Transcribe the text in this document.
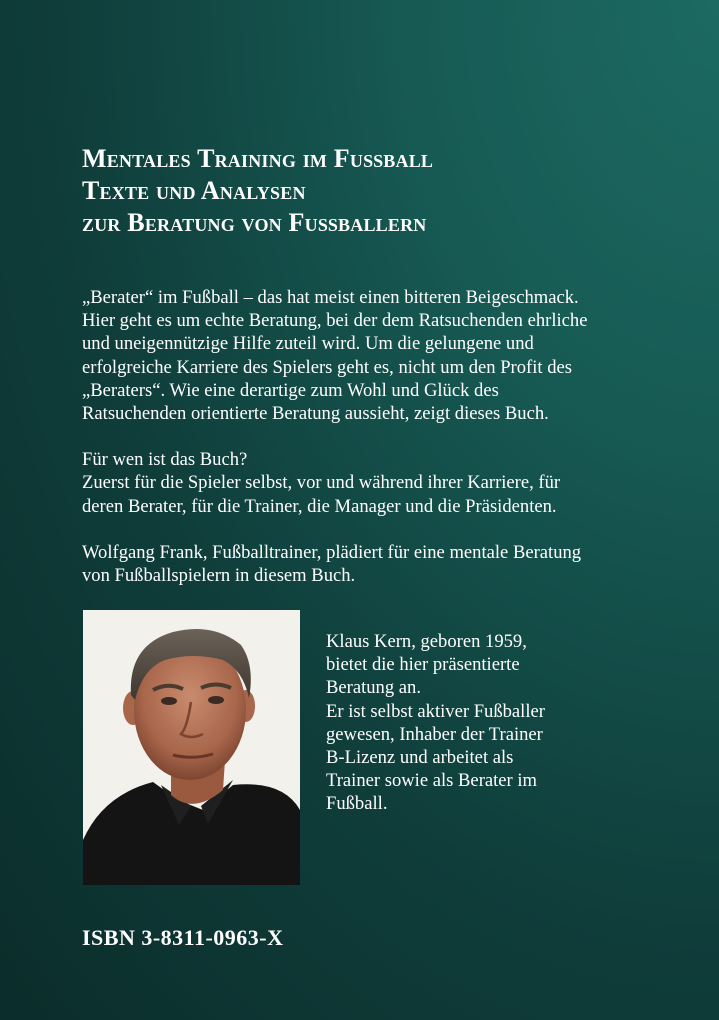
Mentales Training im Fußball
Texte und Analysen
zur Beratung von Fußballern

„Berater“ im Fußball – das hat meist einen bitteren Beigeschmack.
Hier geht es um echte Beratung, bei der dem Ratsuchenden ehrliche
und uneigennützige Hilfe zuteil wird. Um die gelungene und
erfolgreiche Karriere des Spielers geht es, nicht um den Profit des
„Beraters“. Wie eine derartige zum Wohl und Glück des
Ratsuchenden orientierte Beratung aussieht, zeigt dieses Buch.

Für wen ist das Buch?
Zuerst für die Spieler selbst, vor und während ihrer Karriere, für
deren Berater, für die Trainer, die Manager und die Präsidenten.

Wolfgang Frank, Fußballtrainer, plädiert für eine mentale Beratung
von Fußballspielern in diesem Buch.

Klaus Kern, geboren 1959,
bietet die hier präsentierte
Beratung an.
Er ist selbst aktiver Fußballer
gewesen, Inhaber der Trainer
B-Lizenz und arbeitet als
Trainer sowie als Berater im
Fußball.
ISBN 3-8311-0963-X
